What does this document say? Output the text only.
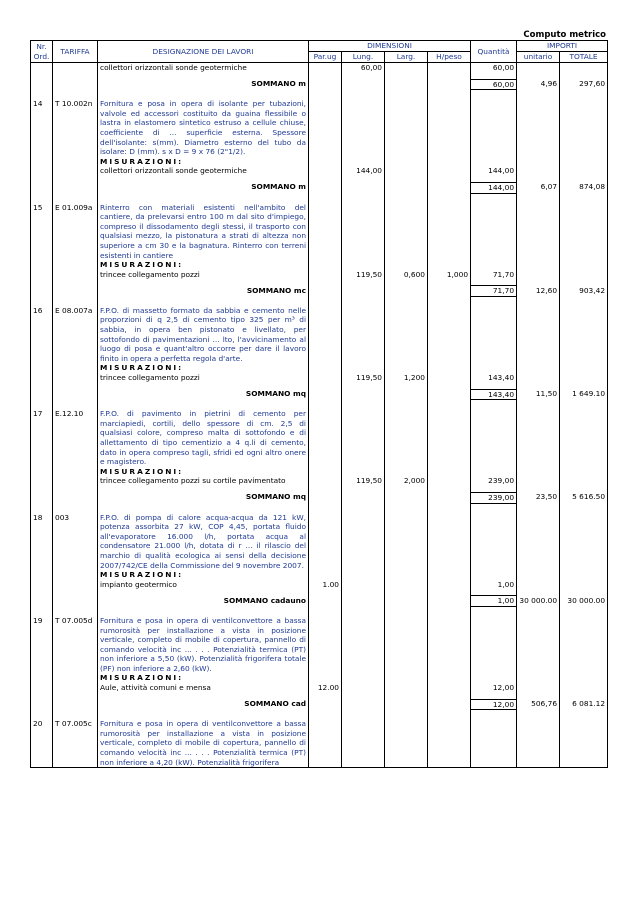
Computo metrico
Nr. Ord.	TARIFFA	DESIGNAZIONE DEI LAVORI	DIMENSIONI				Quantità	IMPORTI	
			Par.ug	Lung.	Larg.	H/peso		unitario	TOTALE
		collettori orizzontali sonde geotermiche		60,00			60,00		

		SOMMANO m					60,00	4,96	297,60

14	T 10.002n	Fornitura e posa in opera di isolante per tubazioni, valvole ed accessori costituito da guaina flessibile o lastra in elastomero sintetico estruso a cellule chiuse, coefficiente di ... superficie esterna. Spessore dell'isolante: s(mm). Diametro esterno del tubo da isolare: D (mm). s x D = 9 x 76 (2"1/2).
MISURAZIONI:							

		collettori orizzontali sonde geotermiche		144,00			144,00		

		SOMMANO m					144,00	6,07	874,08

15	E 01.009a	Rinterro con materiali esistenti nell'ambito del cantiere, da prelevarsi entro 100 m dal sito d'impiego, compreso il dissodamento degli stessi, il trasporto con qualsiasi mezzo, la pistonatura a strati di altezza non superiore a cm 30 e la bagnatura. Rinterro con terreni esistenti in cantiere
MISURAZIONI:							

		trincee collegamento pozzi		119,50	0,600	1,000	71,70		

		SOMMANO mc					71,70	12,60	903,42

16	E 08.007a	F.P.O. di massetto formato da sabbia e cemento nelle proporzioni di q 2,5 di cemento tipo 325 per m³ di sabbia, in opera ben pistonato e livellato, per sottofondo di pavimentazioni ... lto, l'avvicinamento al luogo di posa e quant'altro occorre per dare il lavoro finito in opera a perfetta regola d'arte.
MISURAZIONI:							

		trincee collegamento pozzi		119,50	1,200		143,40		

		SOMMANO mq					143,40	11,50	1 649.10

17	E.12.10	F.P.O. di pavimento in pietrini di cemento per marciapiedi, cortili, dello spessore di cm. 2,5 di qualsiasi colore, compreso malta di sottofondo e di allettamento di tipo cementizio a 4 q.li di cemento, dato in opera compreso tagli, sfridi ed ogni altro onere e magistero.
MISURAZIONI:							

		trincee collegamento pozzi su cortile pavimentato		119,50	2,000		239,00		

		SOMMANO mq					239,00	23,50	5 616.50

18	003	F.P.O. di pompa di calore acqua-acqua da 121 kW, potenza assorbita 27 kW, COP 4,45, portata fluido all'evaporatore 16.000 l/h, portata acqua al condensatore 21.000 l/h, dotata di r ... il rilascio del marchio di qualità ecologica ai sensi della decisione 2007/742/CE della Commissione del 9 novembre 2007.
MISURAZIONI:							

		impianto geotermico	1.00				1,00		

		SOMMANO cadauno					1,00	30 000.00	30 000.00

19	T 07.005d	Fornitura e posa in opera di ventilconvettore a bassa rumorosità per installazione a vista in posizione verticale, completo di mobile di copertura, pannello di comando velocità inc ... . . . Potenzialità termica (PT) non inferiore a 5,50 (kW). Potenzialità frigorifera totale (PF) non inferiore a 2,60 (kW).
MISURAZIONI:							

		Aule, attività comuni e mensa	12.00				12,00		

		SOMMANO cad					12,00	506,76	6 081.12

20	T 07.005c	Fornitura e posa in opera di ventilconvettore a bassa rumorosità per installazione a vista in posizione verticale, completo di mobile di copertura, pannello di comando velocità inc ... . . . Potenzialità termica (PT) non inferiore a 4,20 (kW). Potenzialità frigorifera							
